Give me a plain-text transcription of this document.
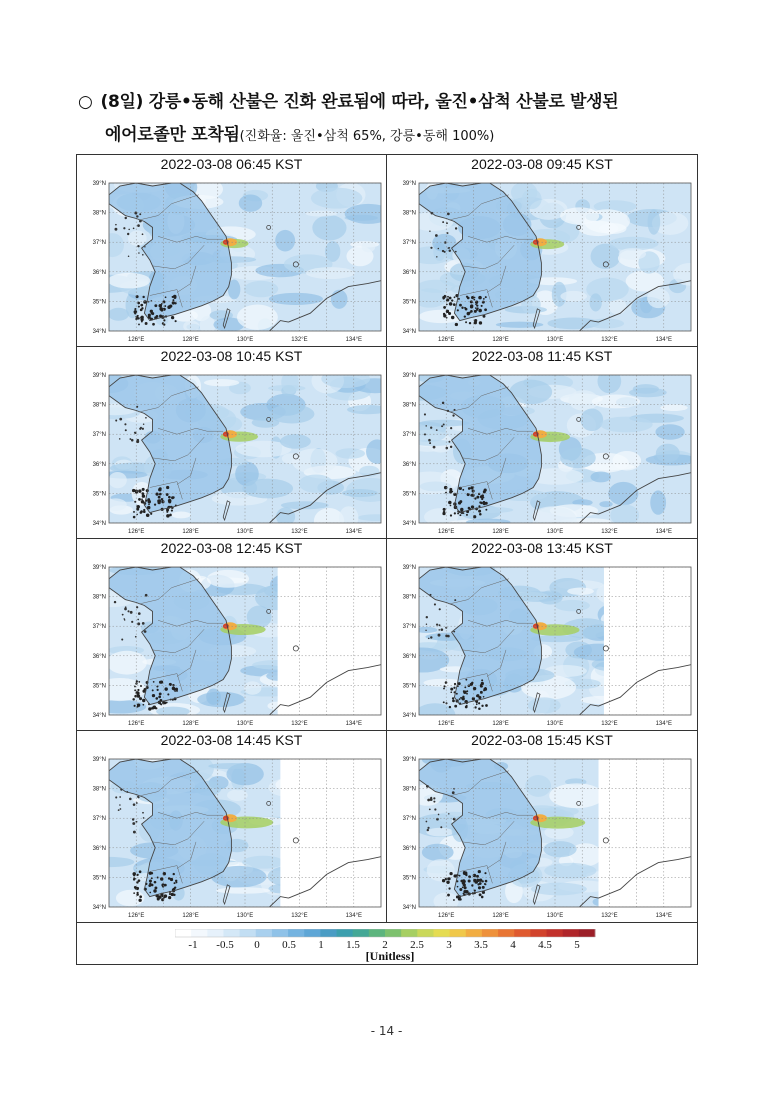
○ (8일) 강릉•동해 산불은 진화 완료됨에 따라, 울진•삼척 산불로 발생된
에어로졸만 포착됨(진화율: 울진•삼척 65%, 강릉•동해 100%)
39°N
38°N
37°N
36°N
35°N
34°N
126°E	128°E	130°E	132°E	134°E
2022-03-08 06:45 KST
39°N
38°N
37°N
36°N
35°N
34°N
126°E	128°E	130°E	132°E	134°E
2022-03-08 09:45 KST
39°N
38°N
37°N
36°N
35°N
34°N
126°E	128°E	130°E	132°E	134°E
2022-03-08 10:45 KST
39°N
38°N
37°N
36°N
35°N
34°N
126°E	128°E	130°E	132°E	134°E
2022-03-08 11:45 KST
39°N
38°N
37°N
36°N
35°N
34°N
126°E	128°E	130°E	132°E	134°E
2022-03-08 12:45 KST
39°N
38°N
37°N
36°N
35°N
34°N
126°E	128°E	130°E	132°E	134°E
2022-03-08 13:45 KST
39°N
38°N
37°N
36°N
35°N
34°N
126°E	128°E	130°E	132°E	134°E
2022-03-08 14:45 KST
39°N
38°N
37°N
36°N
35°N
34°N
126°E	128°E	130°E	132°E	134°E
2022-03-08 15:45 KST
-1 -0.5 0 0.5 1 1.5 2 2.5 3 3.5 4 4.5 5
[Unitless]
- 14 -
